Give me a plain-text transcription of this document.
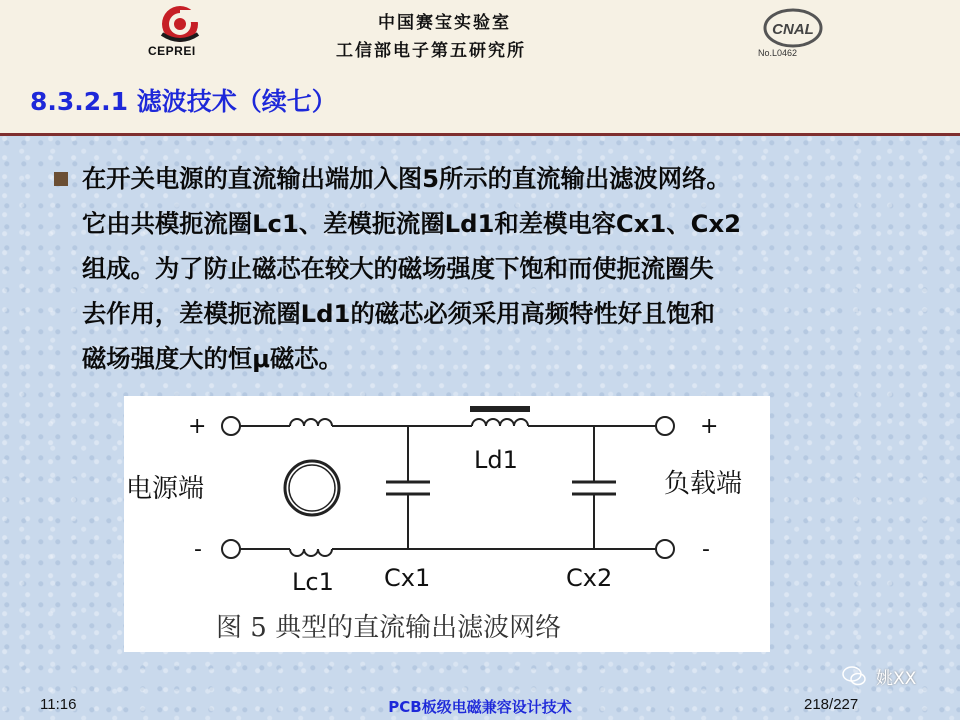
CEPREI
中国赛宝实验室
工信部电子第五研究所
CNAL
No.L0462
8.3.2.1 滤波技术（续七）
在开关电源的直流输出端加入图5所示的直流输出滤波网络。
它由共模扼流圈Lc1、差模扼流圈Ld1和差模电容Cx1、Cx2
组成。为了防止磁芯在较大的磁场强度下饱和而使扼流圈失
去作用，差模扼流圈Ld1的磁芯必须采用高频特性好且饱和
磁场强度大的恒μ磁芯。
+	+
-	-
电源端	负载端
Ld1
Lc1 Cx1	Cx2
图 5 典型的直流输出滤波网络
姚XX
11:16	PCB板级电磁兼容设计技术	218/227
